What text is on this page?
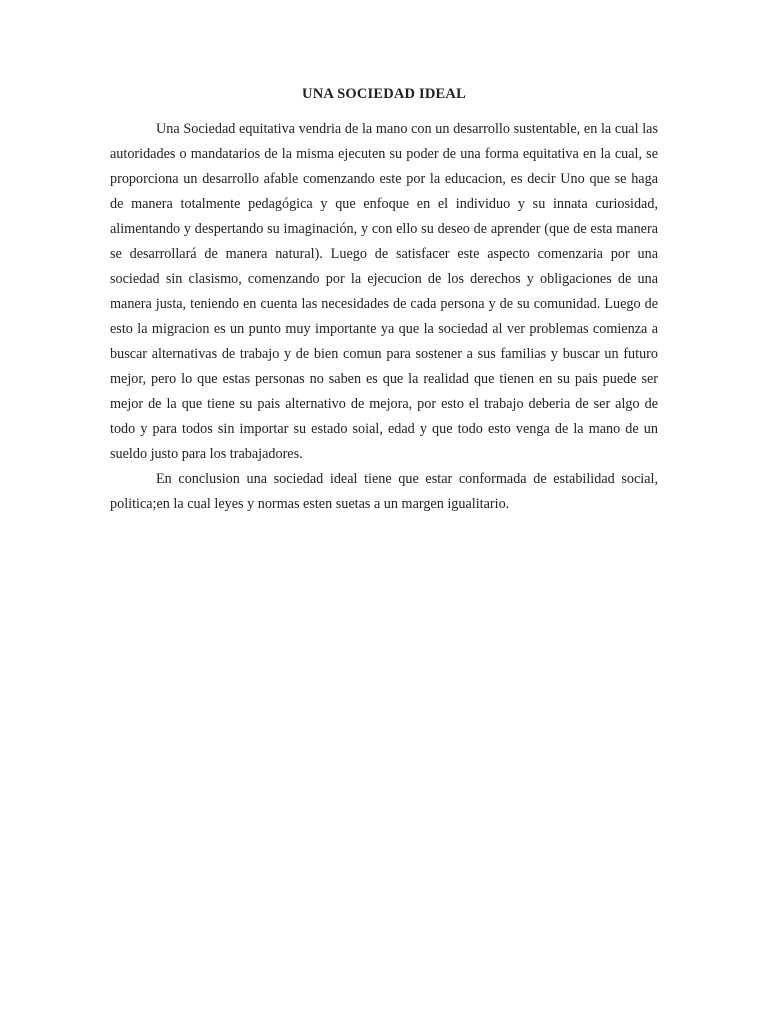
UNA SOCIEDAD IDEAL

Una Sociedad equitativa vendria de la mano con un desarrollo sustentable, en la cual las autoridades o mandatarios de la misma ejecuten su poder de una forma equitativa en la cual, se proporciona un desarrollo afable comenzando este por la educacion, es decir Uno que se haga de manera totalmente pedagógica y que enfoque en el individuo y su innata curiosidad, alimentando y despertando su imaginación, y con ello su deseo de aprender (que de esta manera se desarrollará de manera natural). Luego de satisfacer este aspecto comenzaria por una sociedad sin clasismo, comenzando por la ejecucion de los derechos y obligaciones de una manera justa, teniendo en cuenta las necesidades de cada persona y de su comunidad. Luego de esto la migracion es un punto muy importante ya que la sociedad al ver problemas comienza a buscar alternativas de trabajo y de bien comun para sostener a sus familias y buscar un futuro mejor, pero lo que estas personas no saben es que la realidad que tienen en su pais puede ser mejor de la que tiene su pais alternativo de mejora, por esto el trabajo deberia de ser algo de todo y para todos sin importar su estado soial, edad y que todo esto venga de la mano de un sueldo justo para los trabajadores.

En conclusion una sociedad ideal tiene que estar conformada de estabilidad social, politica;en la cual leyes y normas esten suetas a un margen igualitario.
